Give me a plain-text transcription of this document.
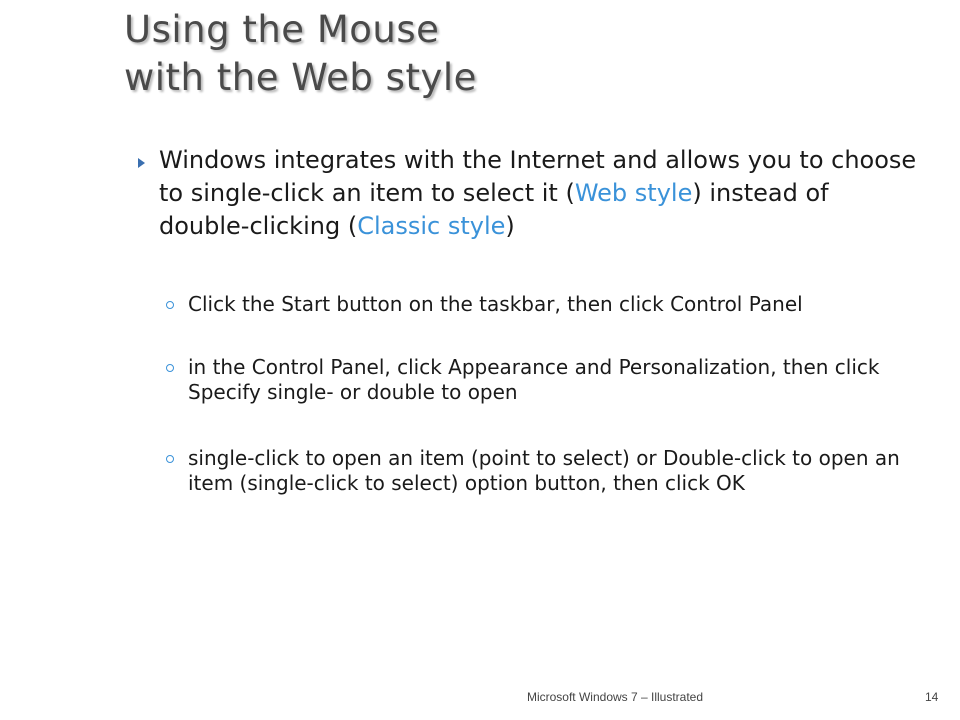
Using the Mouse
with the Web style
Windows integrates with the Internet and allows you to choose to single-click an item to select it (Web style) instead of double-clicking (Classic style)
Click the Start button on the taskbar, then click Control Panel
in the Control Panel, click Appearance and Personalization, then click Specify single- or double to open
single-click to open an item (point to select) or Double-click to open an item (single-click to select) option button, then click OK
Microsoft Windows 7 – Illustrated	14
